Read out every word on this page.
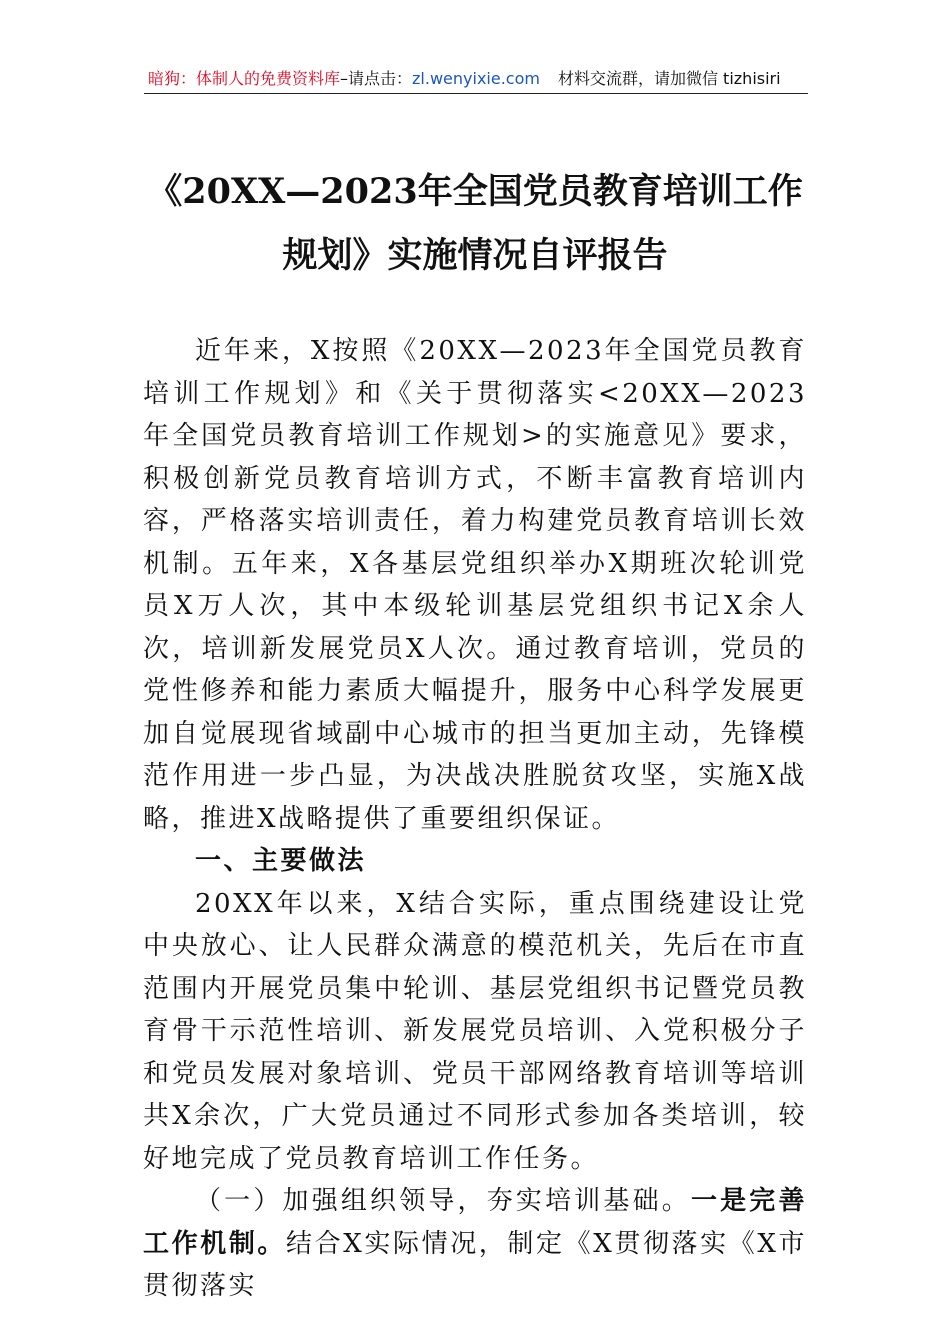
暗狗：体制人的免费资料库–请点击：zl.wenyixie.com 材料交流群，请加微信 tizhisiri
《20XX—2023年全国党员教育培训工作规划》实施情况自评报告

近年来，X按照《20XX—2023年全国党员教育培训工作规划》和《关于贯彻落实<20XX—2023年全国党员教育培训工作规划>的实施意见》要求，积极创新党员教育培训方式，不断丰富教育培训内容，严格落实培训责任，着力构建党员教育培训长效机制。五年来，X各基层党组织举办X期班次轮训党员X万人次，其中本级轮训基层党组织书记X余人次，培训新发展党员X人次。通过教育培训，党员的党性修养和能力素质大幅提升，服务中心科学发展更加自觉展现省域副中心城市的担当更加主动，先锋模范作用进一步凸显，为决战决胜脱贫攻坚，实施X战略，推进X战略提供了重要组织保证。

一、主要做法

20XX年以来，X结合实际，重点围绕建设让党中央放心、让人民群众满意的模范机关，先后在市直范围内开展党员集中轮训、基层党组织书记暨党员教育骨干示范性培训、新发展党员培训、入党积极分子和党员发展对象培训、党员干部网络教育培训等培训共X余次，广大党员通过不同形式参加各类培训，较好地完成了党员教育培训工作任务。

（一）加强组织领导，夯实培训基础。一是完善工作机制。结合X实际情况，制定《X贯彻落实《X市贯彻落实
